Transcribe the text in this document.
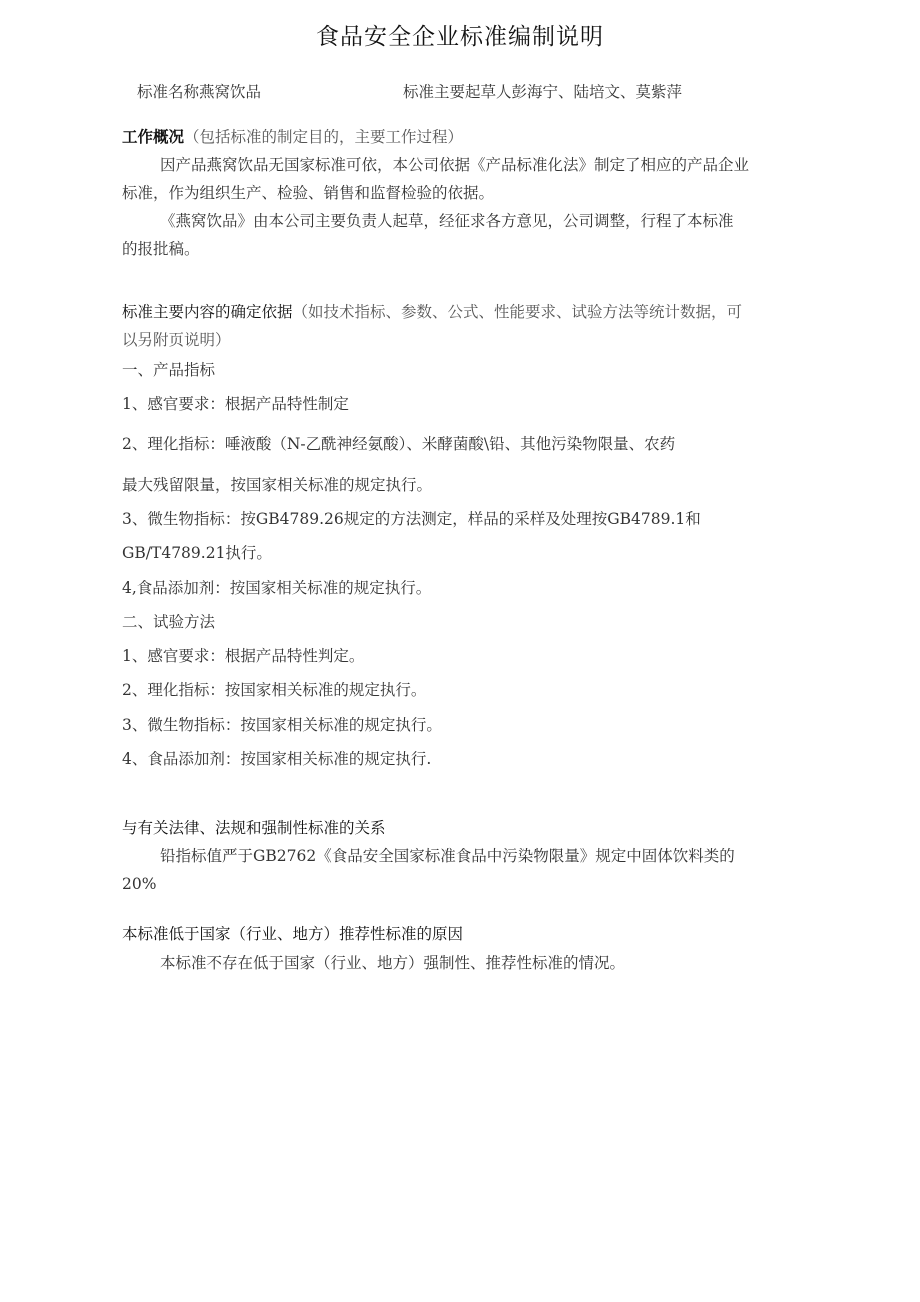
食品安全企业标准编制说明
标准名称燕窝饮品	标准主要起草人彭海宁、陆培文、莫紫萍
工作概况（包括标准的制定目的，主要工作过程）
因产品燕窝饮品无国家标准可依，本公司依据《产品标准化法》制定了相应的产品企业
标准，作为组织生产、检验、销售和监督检验的依据。
《燕窝饮品》由本公司主要负责人起草，经征求各方意见，公司调整，行程了本标准
的报批稿。
标准主要内容的确定依据（如技术指标、参数、公式、性能要求、试验方法等统计数据，可
以另附页说明）
一、产品指标
1、感官要求：根据产品特性制定
2、理化指标：唾液酸（N-乙酰神经氨酸）、米酵菌酸\铅、其他污染物限量、农药
最大残留限量，按国家相关标准的规定执行。
3、微生物指标：按GB4789.26规定的方法测定，样品的采样及处理按GB4789.1和
GB/T4789.21执行。
4,食品添加剂：按国家相关标准的规定执行。
二、试验方法
1、感官要求：根据产品特性判定。
2、理化指标：按国家相关标准的规定执行。
3、微生物指标：按国家相关标准的规定执行。
4、食品添加剂：按国家相关标准的规定执行.
与有关法律、法规和强制性标准的关系
铅指标值严于GB2762《食品安全国家标准食品中污染物限量》规定中固体饮料类的
20%
本标准低于国家（行业、地方）推荐性标准的原因
本标准不存在低于国家（行业、地方）强制性、推荐性标准的情况。
